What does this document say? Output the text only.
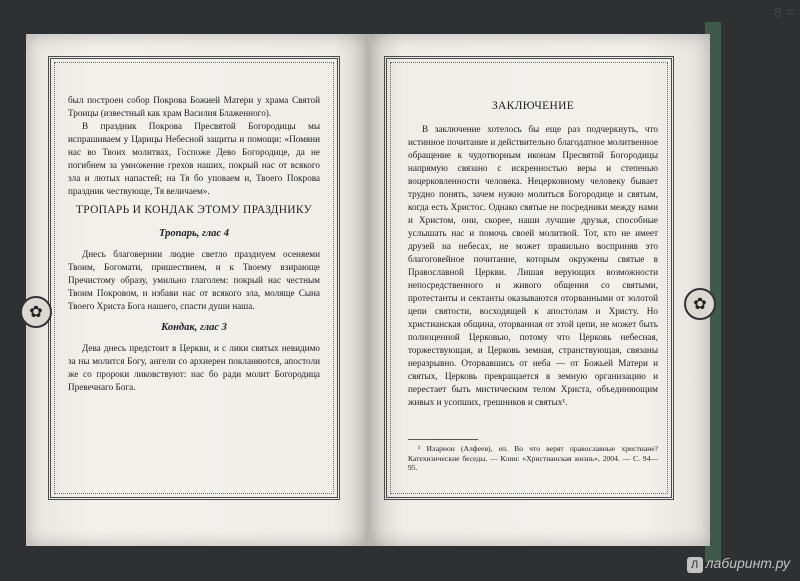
✿

был построен собор Покрова Божией Матери у храма Святой Троицы (известный как храм Василия Блаженного).

В праздник Покрова Пресвятой Богородицы мы испрашиваем у Царицы Небесной защиты и помощи: «Помяни нас во Твоих молитвах, Госпоже Дево Богородице, да не погибнем за умножение грехов наших, покрый нас от всякого зла и лютых напастей; на Тя бо уповаем и, Твоего Покрова праздник чествующе, Тя величаем».

ТРОПАРЬ И КОНДАК ЭТОМУ ПРАЗДНИКУ
Тропарь, глас 4

Днесь благовернии людие светло празднуем осеняеми Твоим, Богомати, пришествием, и к Твоему взирающе Пречистому образу, умильно глаголем: покрый нас честным Твоим Покровом, и избави нас от всякого зла, моляще Сына Твоего Христа Бога нашего, спасти души наша.

Кондак, глас 3

Дева днесь предстоит в Церкви, и с лики святых невидимо за ны молится Богу, ангели со архиереи покланяются, апостоли же со пророки ликовствуют: нас бо ради молит Богородица Превечнаго Бога.

✿
ЗАКЛЮЧЕНИЕ

В заключение хотелось бы еще раз подчеркнуть, что истинное почитание и действительно благодатное молитвенное обращение к чудотворным иконам Пресвятой Богородицы напрямую связано с искренностью веры и степенью воцерковленности человека. Нецерковному человеку бывает трудно понять, зачем нужно молиться Богородице и святым, когда есть Христос. Однако святые не посредники между нами и Христом, они, скорее, наши лучшие друзья, способные услышать нас и помочь своей молитвой. Тот, кто не имеет друзей на небесах, не может правильно восприняв это благоговейное почитание, которым окружены святые в Православной Церкви. Лишая верующих возможности непосредственного и живого общения со святыми, протестанты и сектанты оказываются оторванными от золотой цепи святости, восходящей к апостолам и Христу. Но христианская община, оторванная от этой цепи, не может быть полноценной Церковью, потому что Церковь небесная, торжествующая, и Церковь земная, странствующая, связаны неразрывно. Оторвавшись от неба — от Божьей Матери и святых, Церковь превращается в земную организацию и перестает быть мистическим телом Христа, объединяющим живых и усопших, грешников и святых¹.

¹ Иларион (Алфеев), еп. Во что верят православные христиане? Катехизические беседы. — Клин: «Христианская жизнь», 2004. — С. 94—95.

8 =
Л лабиринт.ру
